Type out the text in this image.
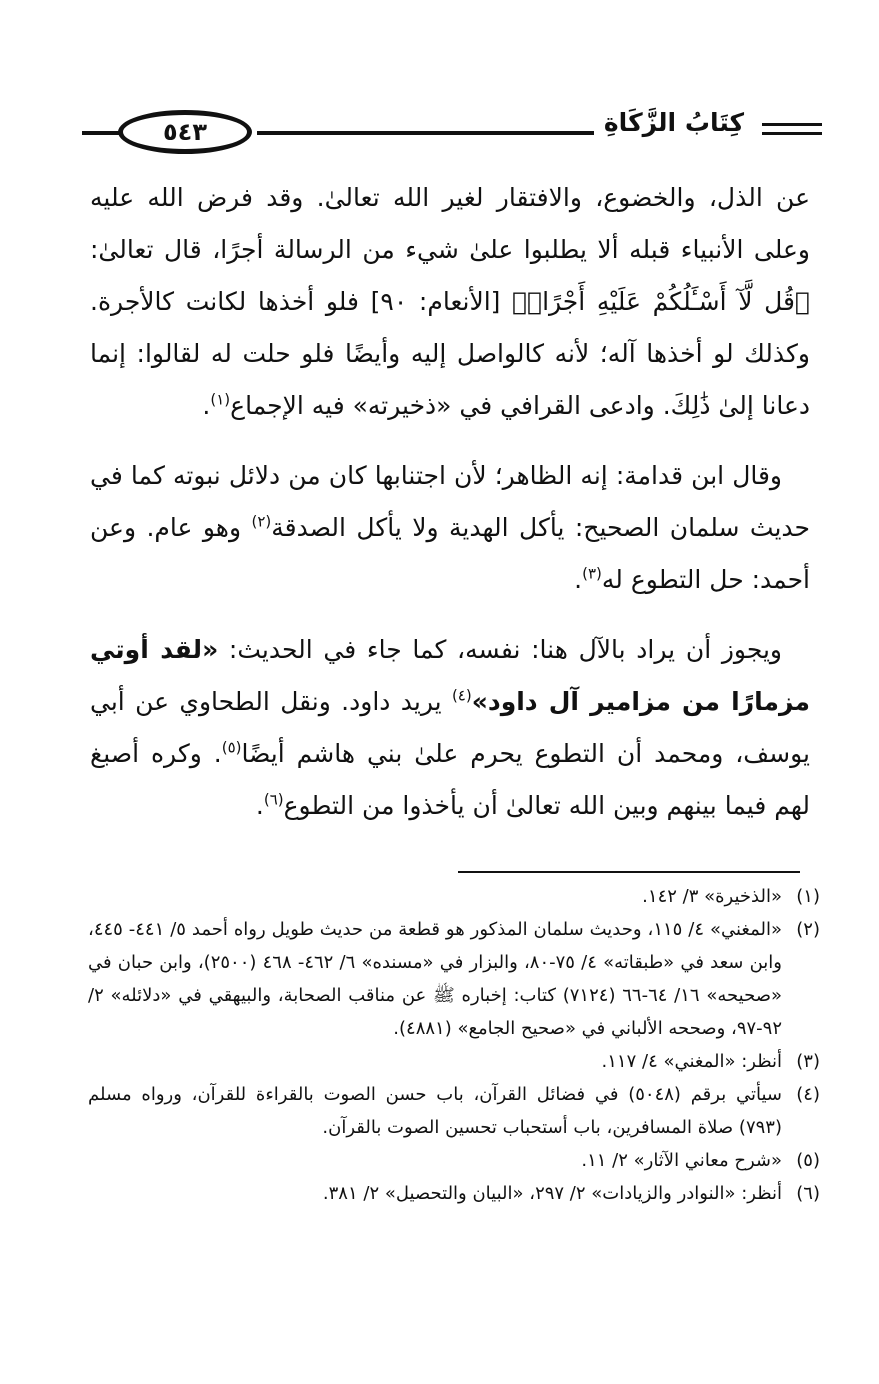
٥٤٣	كِتَابُ الزَّكَاةِ

عن الذل، والخضوع، والافتقار لغير الله تعالىٰ. وقد فرض الله عليه وعلى الأنبياء قبله ألا يطلبوا علىٰ شيء من الرسالة أجرًا، قال تعالىٰ: ﴿قُل لَّآ أَسْـَٔلُكُمْ عَلَيْهِ أَجْرًاۖ﴾ [الأنعام: ٩٠] فلو أخذها لكانت كالأجرة. وكذلك لو أخذها آله؛ لأنه كالواصل إليه وأيضًا فلو حلت له لقالوا: إنما دعانا إلىٰ ذَٰلِكَ. وادعى القرافي في «ذخيرته» فيه الإجماع$^{(١)}$.

وقال ابن قدامة: إنه الظاهر؛ لأن اجتنابها كان من دلائل نبوته كما في حديث سلمان الصحيح: يأكل الهدية ولا يأكل الصدقة$^{(٢)}$ وهو عام. وعن أحمد: حل التطوع له$^{(٣)}$.

ويجوز أن يراد بالآل هنا: نفسه، كما جاء في الحديث: «لقد أوتي مزمارًا من مزامير آل داود»$^{(٤)}$ يريد داود. ونقل الطحاوي عن أبي يوسف، ومحمد أن التطوع يحرم علىٰ بني هاشم أيضًا$^{(٥)}$. وكره أصبغ لهم فيما بينهم وبين الله تعالىٰ أن يأخذوا من التطوع$^{(٦)}$.

(١)
«الذخيرة» ٣/ ١٤٢.
(٢)
«المغني» ٤/ ١١٥، وحديث سلمان المذكور هو قطعة من حديث طويل رواه أحمد ٥/ ٤٤١- ٤٤٥، وابن سعد في «طبقاته» ٤/ ٧٥-٨٠، والبزار في «مسنده» ٦/ ٤٦٢- ٤٦٨ (٢٥٠٠)، وابن حبان في «صحيحه» ١٦/ ٦٤-٦٦ (٧١٢٤) كتاب: إخباره ﷺ عن مناقب الصحابة، والبيهقي في «دلائله» ٢/ ٩٢-٩٧، وصححه الألباني في «صحيح الجامع» (٤٨٨١).
(٣)
أنظر: «المغني» ٤/ ١١٧.
(٤)
سيأتي برقم (٥٠٤٨) في فضائل القرآن، باب حسن الصوت بالقراءة للقرآن، ورواه مسلم (٧٩٣) صلاة المسافرين، باب أستحباب تحسين الصوت بالقرآن.
(٥)
«شرح معاني الآثار» ٢/ ١١.
(٦)
أنظر: «النوادر والزيادات» ٢/ ٢٩٧، «البيان والتحصيل» ٢/ ٣٨١.
